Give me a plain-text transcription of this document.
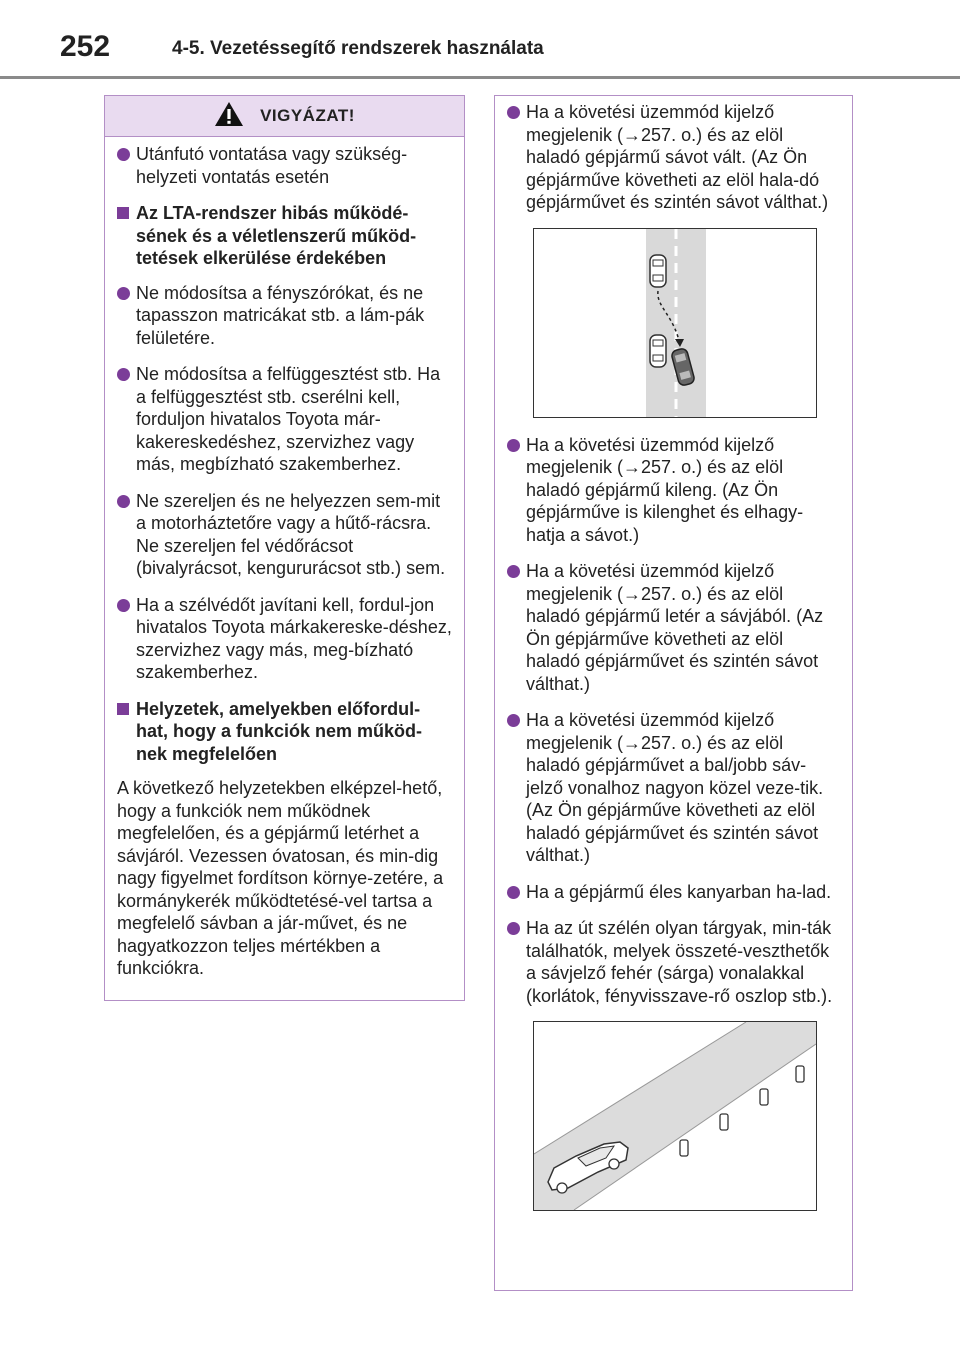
252	4-5. Vezetéssegítő rendszerek használata
VIGYÁZAT!
Utánfutó vontatása vagy szükség-helyzeti vontatás esetén
Az LTA-rendszer hibás működé-sének és a véletlenszerű működ-tetések elkerülése érdekében
Ne módosítsa a fényszórókat, és ne tapasszon matricákat stb. a lám-pák felületére.
Ne módosítsa a felfüggesztést stb. Ha a felfüggesztést stb. cserélni kell, forduljon hivatalos Toyota már-kakereskedéshez, szervizhez vagy más, megbízható szakemberhez.
Ne szereljen és ne helyezzen sem-mit a motorháztetőre vagy a hűtő-rácsra. Ne szereljen fel védőrácsot (bivalyrácsot, kengururácsot stb.) sem.
Ha a szélvédőt javítani kell, fordul-jon hivatalos Toyota márkakereske-déshez, szervizhez vagy más, meg-bízható szakemberhez.
Helyzetek, amelyekben előfordul-hat, hogy a funkciók nem működ-nek megfelelően
A következő helyzetekben elképzel-hető, hogy a funkciók nem működnek megfelelően, és a gépjármű letérhet a sávjáról. Vezessen óvatosan, és min-dig nagy figyelmet fordítson környe-zetére, a kormánykerék működtetésé-vel tartsa a megfelelő sávban a jár-művet, és ne hagyatkozzon teljes mértékben a funkciókra.
Ha a követési üzemmód kijelző megjelenik (→257. o.) és az elöl haladó gépjármű sávot vált. (Az Ön gépjárműve követheti az elöl hala-dó gépjárművet és szintén sávot válthat.)
Ha a követési üzemmód kijelző megjelenik (→257. o.) és az elöl haladó gépjármű kileng. (Az Ön gépjárműve is kilenghet és elhagy-hatja a sávot.)
Ha a követési üzemmód kijelző megjelenik (→257. o.) és az elöl haladó gépjármű letér a sávjából. (Az Ön gépjárműve követheti az elöl haladó gépjárművet és szintén sávot válthat.)
Ha a követési üzemmód kijelző megjelenik (→257. o.) és az elöl haladó gépjárművet a bal/jobb sáv-jelző vonalhoz nagyon közel veze-tik. (Az Ön gépjárműve követheti az elöl haladó gépjárművet és szintén sávot válthat.)
Ha a gépjármű éles kanyarban ha-lad.
Ha az út szélén olyan tárgyak, min-ták találhatók, melyek összeté-veszthetők a sávjelző fehér (sárga) vonalakkal (korlátok, fényvisszave-rő oszlop stb.).
